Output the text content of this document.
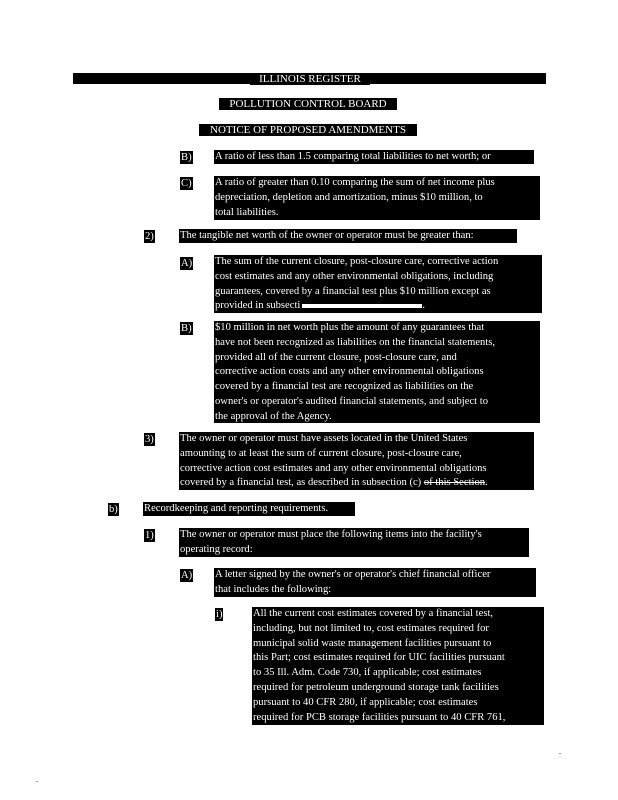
ILLINOIS REGISTER
POLLUTION CONTROL BOARD
NOTICE OF PROPOSED AMENDMENTS
B) A ratio of less than 1.5 comparing total liabilities to net worth; or
C) A ratio of greater than 0.10 comparing the sum of net income plus
depreciation, depletion and amortization, minus $10 million, to
total liabilities.
2) The tangible net worth of the owner or operator must be greater than:
A) The sum of the current closure, post-closure care, corrective action
cost estimates and any other environmental obligations, including
guarantees, covered by a financial test plus $10 million except as
provided in subsecti	.
B) $10 million in net worth plus the amount of any guarantees that
have not been recognized as liabilities on the financial statements,
provided all of the current closure, post-closure care, and
corrective action costs and any other environmental obligations
covered by a financial test are recognized as liabilities on the
owner's or operator's audited financial statements, and subject to
the approval of the Agency.
3) The owner or operator must have assets located in the United States
amounting to at least the sum of current closure, post-closure care,
corrective action cost estimates and any other environmental obligations
covered by a financial test, as described in subsection (c) of this Section.
b) Recordkeeping and reporting requirements.
1) The owner or operator must place the following items into the facility's
operating record:
A) A letter signed by the owner's or operator's chief financial officer
that includes the following:
i)	All the current cost estimates covered by a financial test,
including, but not limited to, cost estimates required for
municipal solid waste management facilities pursuant to
this Part; cost estimates required for UIC facilities pursuant
to 35 Ill. Adm. Code 730, if applicable; cost estimates
required for petroleum underground storage tank facilities
pursuant to 40 CFR 280, if applicable; cost estimates
required for PCB storage facilities pursuant to 40 CFR 761,
